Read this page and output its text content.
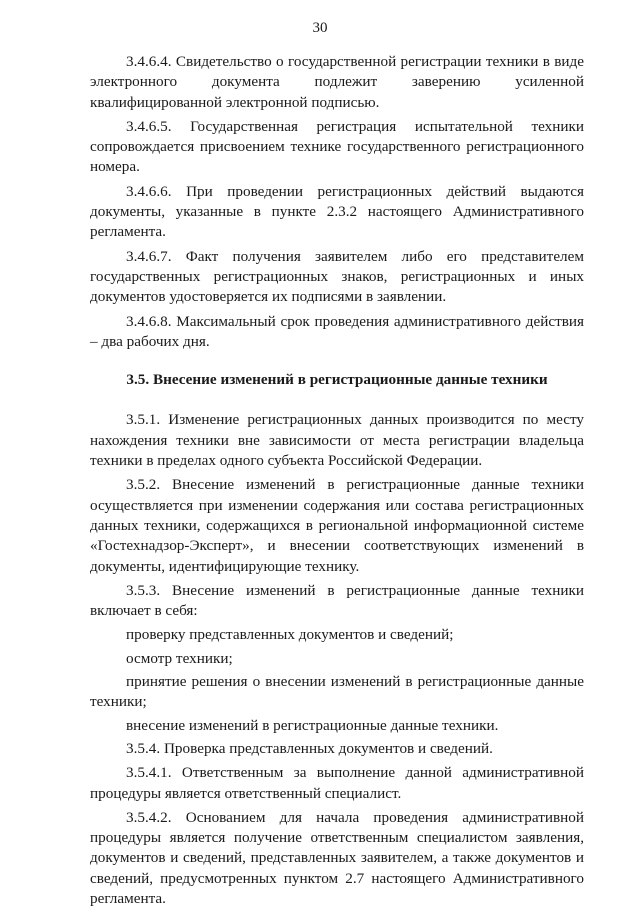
30

3.4.6.4. Свидетельство о государственной регистрации техники в виде электронного документа подлежит заверению усиленной квалифицированной электронной подписью.

3.4.6.5. Государственная регистрация испытательной техники сопровождается присвоением технике государственного регистрационного номера.

3.4.6.6. При проведении регистрационных действий выдаются документы, указанные в пункте 2.3.2 настоящего Административного регламента.

3.4.6.7. Факт получения заявителем либо его представителем государственных регистрационных знаков, регистрационных и иных документов удостоверяется их подписями в заявлении.

3.4.6.8. Максимальный срок проведения административного действия – два рабочих дня.

3.5. Внесение изменений в регистрационные данные техники

3.5.1. Изменение регистрационных данных производится по месту нахождения техники вне зависимости от места регистрации владельца техники в пределах одного субъекта Российской Федерации.

3.5.2. Внесение изменений в регистрационные данные техники осуществляется при изменении содержания или состава регистрационных данных техники, содержащихся в региональной информационной системе «Гостехнадзор-Эксперт», и внесении соответствующих изменений в документы, идентифицирующие технику.

3.5.3. Внесение изменений в регистрационные данные техники включает в себя:

проверку представленных документов и сведений;

осмотр техники;

принятие решения о внесении изменений в регистрационные данные техники;

внесение изменений в регистрационные данные техники.

3.5.4. Проверка представленных документов и сведений.

3.5.4.1. Ответственным за выполнение данной административной процедуры является ответственный специалист.

3.5.4.2. Основанием для начала проведения административной процедуры является получение ответственным специалистом заявления, документов и сведений, представленных заявителем, а также документов и сведений, предусмотренных пунктом 2.7 настоящего Административного регламента.
